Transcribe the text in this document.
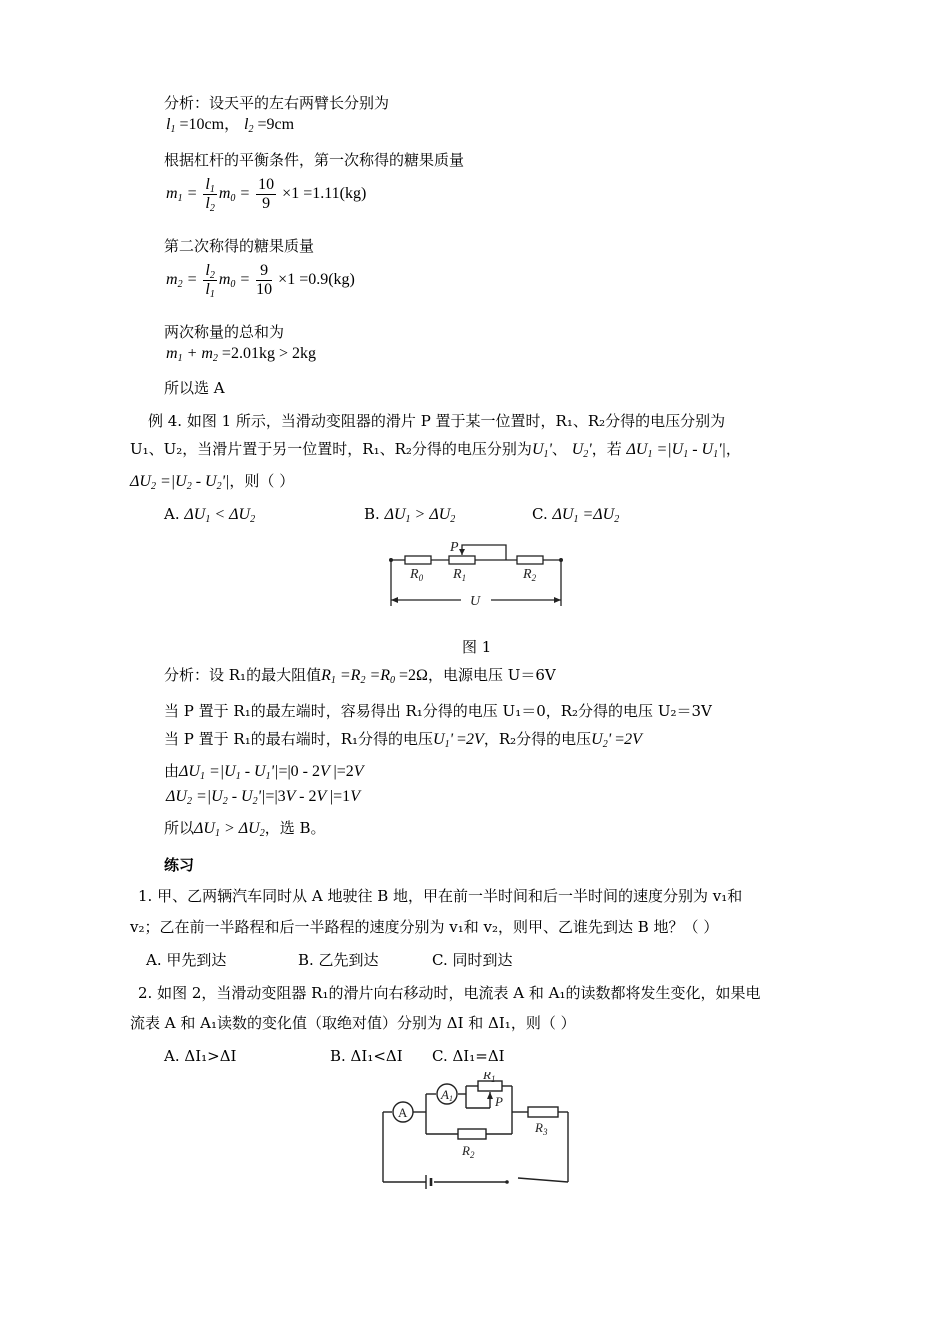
分析：设天平的左右两臂长分别为
$l_1 =10cm$， $l_2 =9cm$
根据杠杆的平衡条件，第一次称得的糖果质量
$m_1 = \frac{l_1}{l_2} m_0 = \frac{10}{9} \times 1 =1.11(kg)$
第二次称得的糖果质量
$m_2 = \frac{l_2}{l_1} m_0 = \frac{9}{10} \times 1 =0.9(kg)$
两次称量的总和为
$m_1 + m_2 =2.01kg > 2kg$
所以选 A
例 4. 如图 1 所示，当滑动变阻器的滑片 P 置于某一位置时，R₁、R₂分得的电压分别为
U₁、U₂，当滑片置于另一位置时，R₁、R₂分得的电压分别为$U_1'$、 $U_2'$，若 $\Delta U_1 =|U_1 - U_1'|$，
$\Delta U_2 =|U_2 - U_2'|$，则（ ）
A. $\Delta U_1 < \Delta U_2$	B. $\Delta U_1 > \Delta U_2$	C. $\Delta U_1 =\Delta U_2$
P
$R_0$ $R_1$	$R_2$
U
图 1
分析：设 R₁的最大阻值$R_1 =R_2 =R_0 =2\Omega$，电源电压 U＝6V
当 P 置于 R₁的最左端时，容易得出 R₁分得的电压 U₁＝0，R₂分得的电压 U₂＝3V
当 P 置于 R₁的最右端时，R₁分得的电压$U_1' =2V$，R₂分得的电压$U_2' =2V$
由$\Delta U_1 =|U_1 - U_1'|=|0 - 2V$ |=2V
$\Delta U_2 =|U_2 - U_2'|=|3V - 2V$ |=1V
所以$\Delta U_1 > \Delta U_2$，选 B。
练习
1. 甲、乙两辆汽车同时从 A 地驶往 B 地，甲在前一半时间和后一半时间的速度分别为 v₁和
v₂；乙在前一半路程和后一半路程的速度分别为 v₁和 v₂，则甲、乙谁先到达 B 地？（ ）
A. 甲先到达	B. 乙先到达	C. 同时到达
2. 如图 2，当滑动变阻器 R₁的滑片向右移动时，电流表 A 和 A₁的读数都将发生变化，如果电
流表 A 和 A₁读数的变化值（取绝对值）分别为 ΔI 和 ΔI₁，则（ ）
A. ΔI₁>ΔI	B. ΔI₁<ΔI C. ΔI₁=ΔI
A
A1
$R_1$
P
$R_2$
$R_3$
